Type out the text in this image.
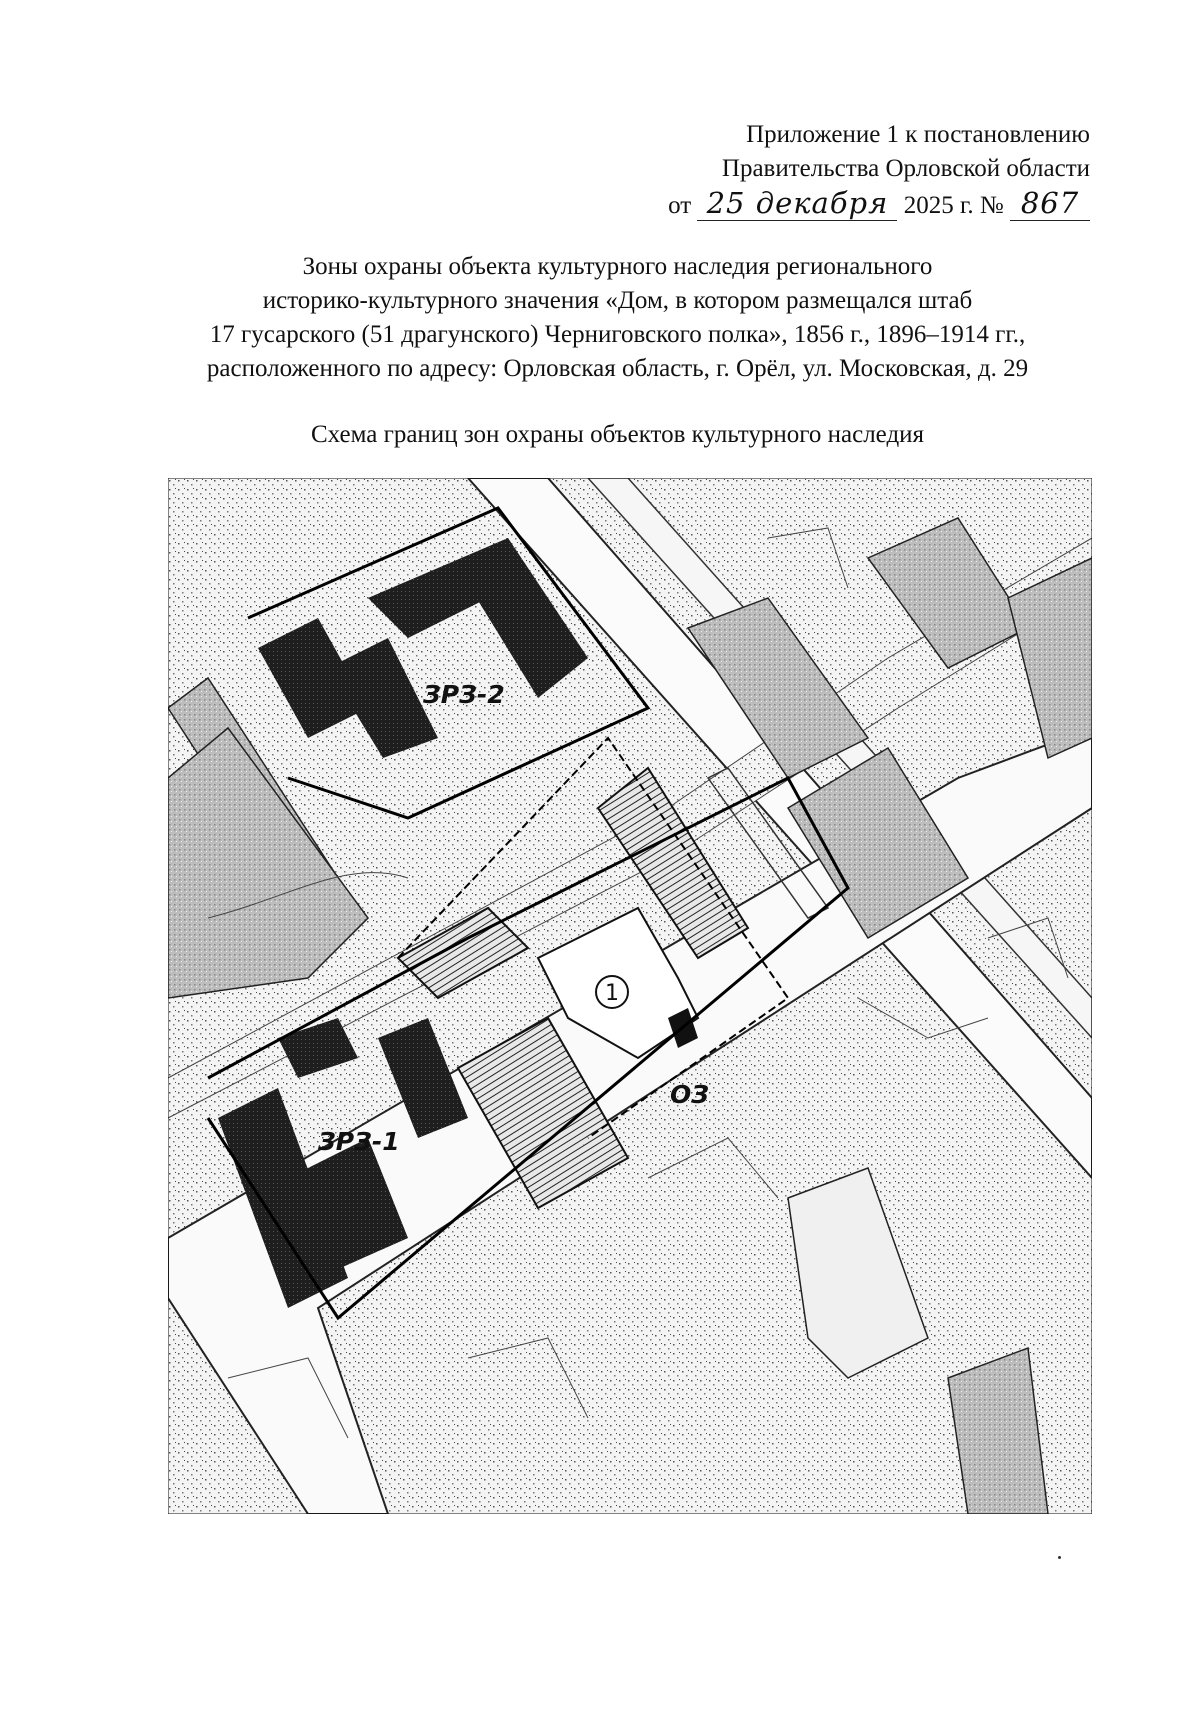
Приложение 1 к постановлению
Правительства Орловской области
от 25 декабря 2025 г. № 867
Зоны охраны объекта культурного наследия регионального
историко-культурного значения «Дом, в котором размещался штаб
17 гусарского (51 драгунского) Черниговского полка», 1856 г., 1896–1914 гг.,
расположенного по адресу: Орловская область, г. Орёл, ул. Московская, д. 29
Схема границ зон охраны объектов культурного наследия
ЗРЗ-2
ЗРЗ-1
ОЗ
1
